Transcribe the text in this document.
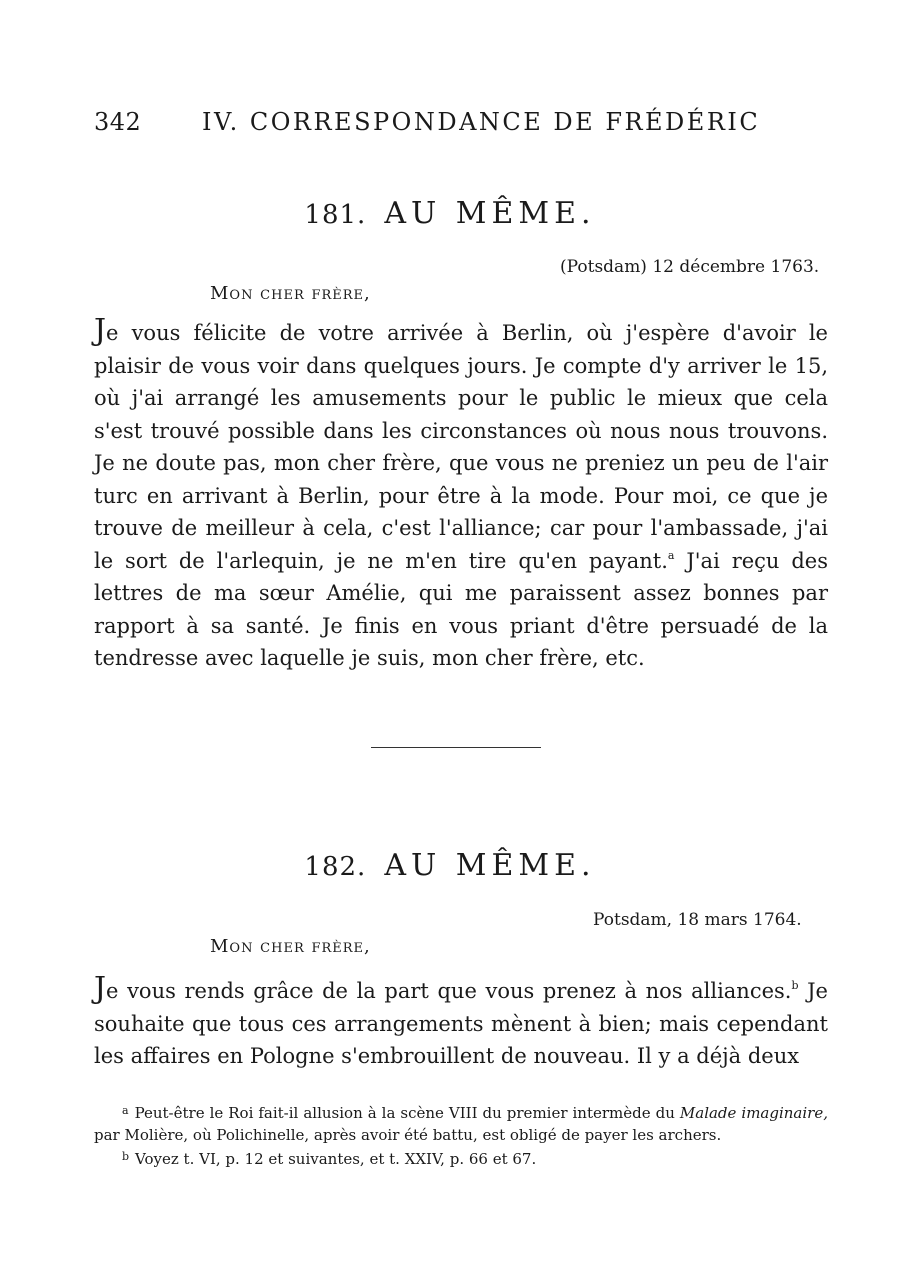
342	IV. CORRESPONDANCE DE FRÉDÉRIC
181. AU MÊME.
(Potsdam) 12 décembre 1763.
Mon cher frère,
Je vous félicite de votre arrivée à Berlin, où j'espère d'avoir le plaisir de vous voir dans quelques jours. Je compte d'y arriver le 15, où j'ai arrangé les amusements pour le public le mieux que cela s'est trouvé possible dans les circonstances où nous nous trouvons. Je ne doute pas, mon cher frère, que vous ne preniez un peu de l'air turc en arrivant à Berlin, pour être à la mode. Pour moi, ce que je trouve de meilleur à cela, c'est l'alliance; car pour l'ambassade, j'ai le sort de l'arlequin, je ne m'en tire qu'en payant.$^a$ J'ai reçu des lettres de ma sœur Amélie, qui me paraissent assez bonnes par rapport à sa santé. Je finis en vous priant d'être persuadé de la tendresse avec laquelle je suis, mon cher frère, etc.
182. AU MÊME.
Potsdam, 18 mars 1764.
Mon cher frère,
Je vous rends grâce de la part que vous prenez à nos alliances.$^b$ Je souhaite que tous ces arrangements mènent à bien; mais cependant les affaires en Pologne s'embrouillent de nouveau. Il y a déjà deux

$^a$ Peut-être le Roi fait-il allusion à la scène VIII du premier intermède du Malade imaginaire, par Molière, où Polichinelle, après avoir été battu, est obligé de payer les archers.

$^b$ Voyez t. VI, p. 12 et suivantes, et t. XXIV, p. 66 et 67.
